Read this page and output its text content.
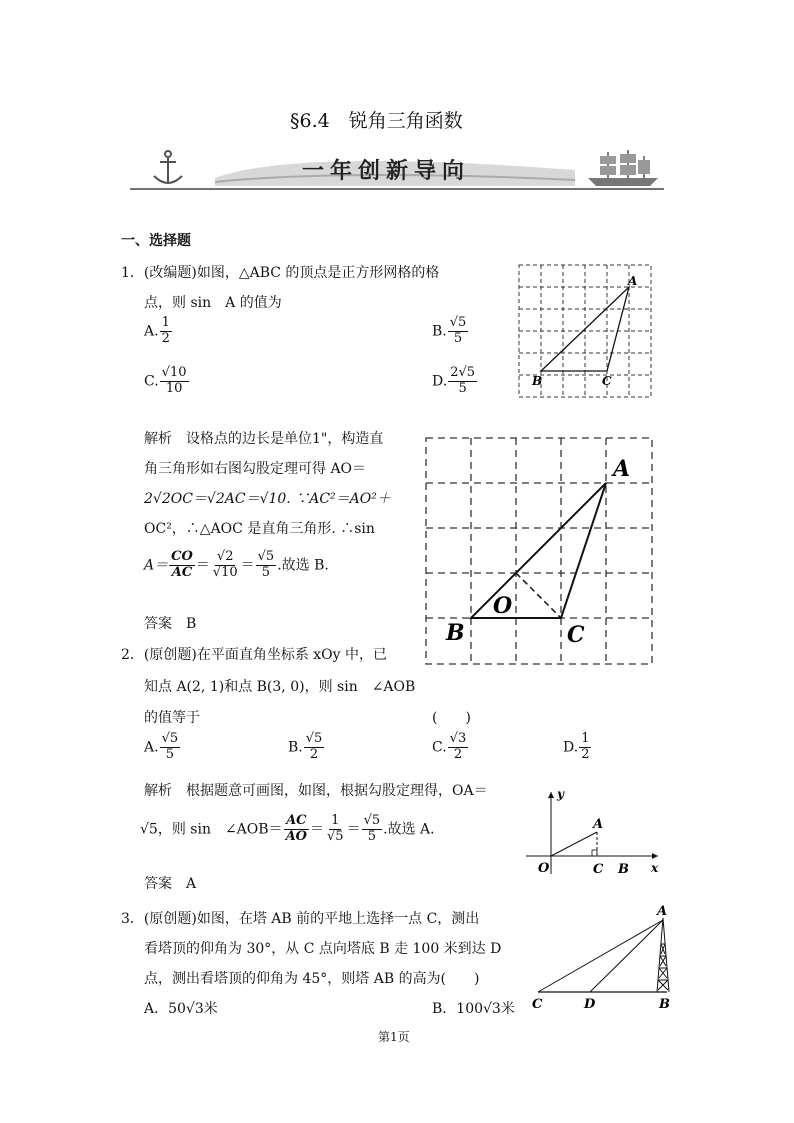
§6.4　锐角三角函数
一年创新导向
一、选择题
1．(改编题)如图，△ABC 的顶点是正方形网格的格
点，则 sin　A 的值为
A. $\frac{1}{2}$	B. $\frac{√5}{5}$
C. $\frac{√10}{10}$	D. $\frac{2√5}{5}$
A
B	C
解析　设格点的边长是单位1"，构造直
角三角形如右图勾股定理可得 AO＝
2√2OC＝√2AC＝√10. ∵AC²＝AO²＋
OC²，∴△AOC 是直角三角形. ∴sin
$A= \frac{CO}{AC} = \frac{√2}{√10} = \frac{√5}{5}$ .故选 B.
答案　B
A
B	C
O
2．(原创题)在平面直角坐标系 xOy 中，已
知点 A(2, 1)和点 B(3, 0)，则 sin　∠AOB
的值等于	(　　)
A. $\frac{√5}{5}$	B. $\frac{√5}{2}$	C. $\frac{√3}{2}$	D. $\frac{1}{2}$
解析　根据题意可画图，如图，根据勾股定理得，OA＝
√5，则 sin　∠AOB＝ $\frac{AC}{AO} = \frac{1}{√5} = \frac{√5}{5}$ .故选 A.
答案　A
y
x
O
A
C B
3．(原创题)如图，在塔 AB 前的平地上选择一点 C，测出
看塔顶的仰角为 30°，从 C 点向塔底 B 走 100 米到达 D
点，测出看塔顶的仰角为 45°，则塔 AB 的高为(　　)
A．50√3米	B．100√3米
A
C	D	B
第1页
